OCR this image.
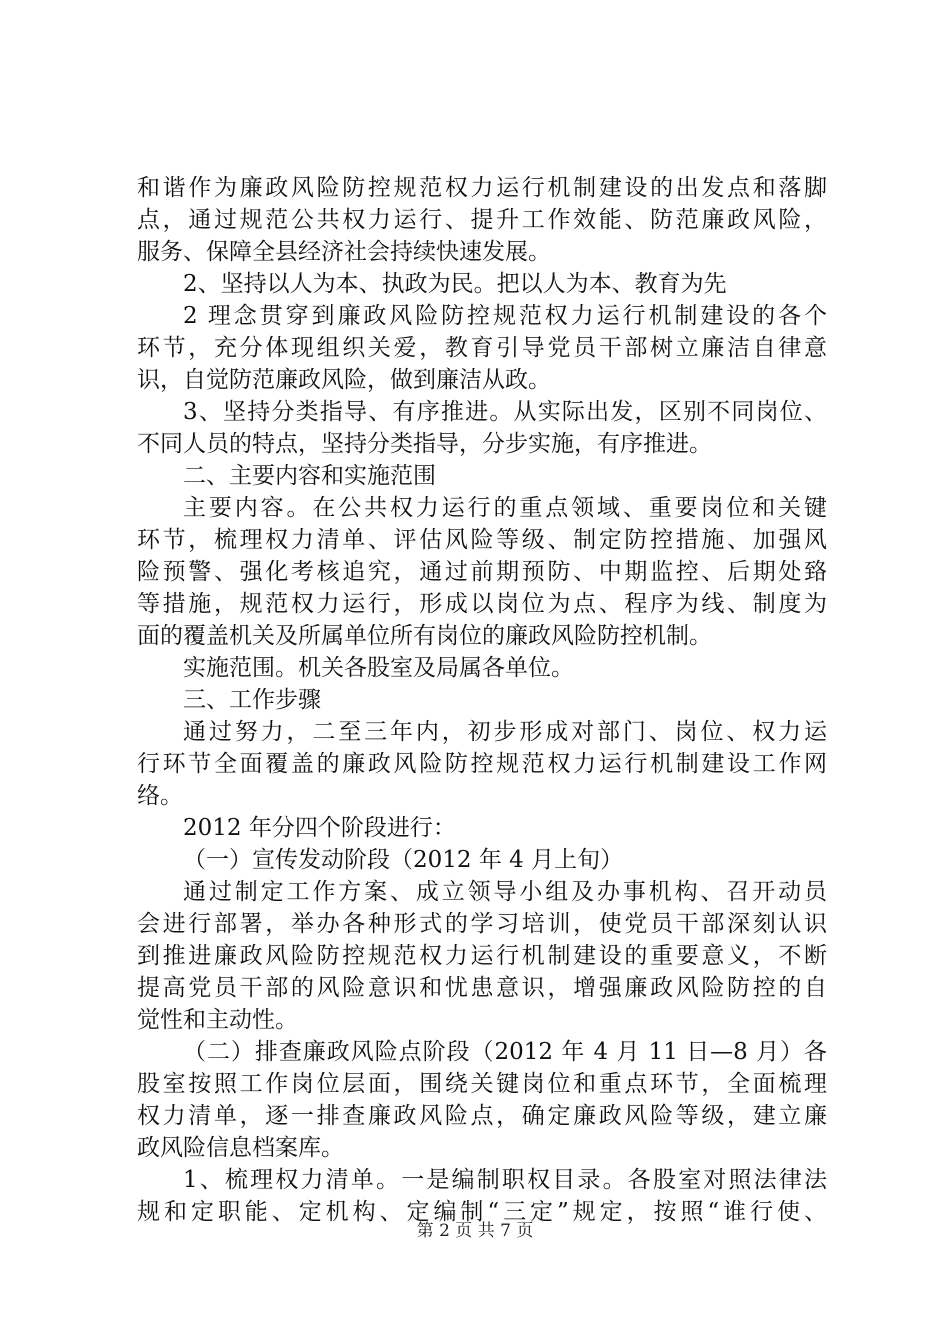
和谐作为廉政风险防控规范权力运行机制建设的出发点和落脚
点，通过规范公共权力运行、提升工作效能、防范廉政风险，
服务、保障全县经济社会持续快速发展。
2、坚持以人为本、执政为民。把以人为本、教育为先
2 理念贯穿到廉政风险防控规范权力运行机制建设的各个
环节，充分体现组织关爱，教育引导党员干部树立廉洁自律意
识，自觉防范廉政风险，做到廉洁从政。
3、坚持分类指导、有序推进。从实际出发，区别不同岗位、
不同人员的特点，坚持分类指导，分步实施，有序推进。
二、主要内容和实施范围
主要内容。在公共权力运行的重点领域、重要岗位和关键
环节，梳理权力清单、评估风险等级、制定防控措施、加强风
险预警、强化考核追究，通过前期预防、中期监控、后期处臵
等措施，规范权力运行，形成以岗位为点、程序为线、制度为
面的覆盖机关及所属单位所有岗位的廉政风险防控机制。
实施范围。机关各股室及局属各单位。
三、工作步骤
通过努力，二至三年内，初步形成对部门、岗位、权力运
行环节全面覆盖的廉政风险防控规范权力运行机制建设工作网
络。
2012 年分四个阶段进行：
（一）宣传发动阶段（2012 年 4 月上旬）
通过制定工作方案、成立领导小组及办事机构、召开动员
会进行部署，举办各种形式的学习培训，使党员干部深刻认识
到推进廉政风险防控规范权力运行机制建设的重要意义，不断
提高党员干部的风险意识和忧患意识，增强廉政风险防控的自
觉性和主动性。
（二）排查廉政风险点阶段（2012 年 4 月 11 日—8 月）各
股室按照工作岗位层面，围绕关键岗位和重点环节，全面梳理
权力清单，逐一排查廉政风险点，确定廉政风险等级，建立廉
政风险信息档案库。
1、梳理权力清单。一是编制职权目录。各股室对照法律法
规和定职能、定机构、定编制“三定”规定，按照“谁行使、
第 2 页 共 7 页
